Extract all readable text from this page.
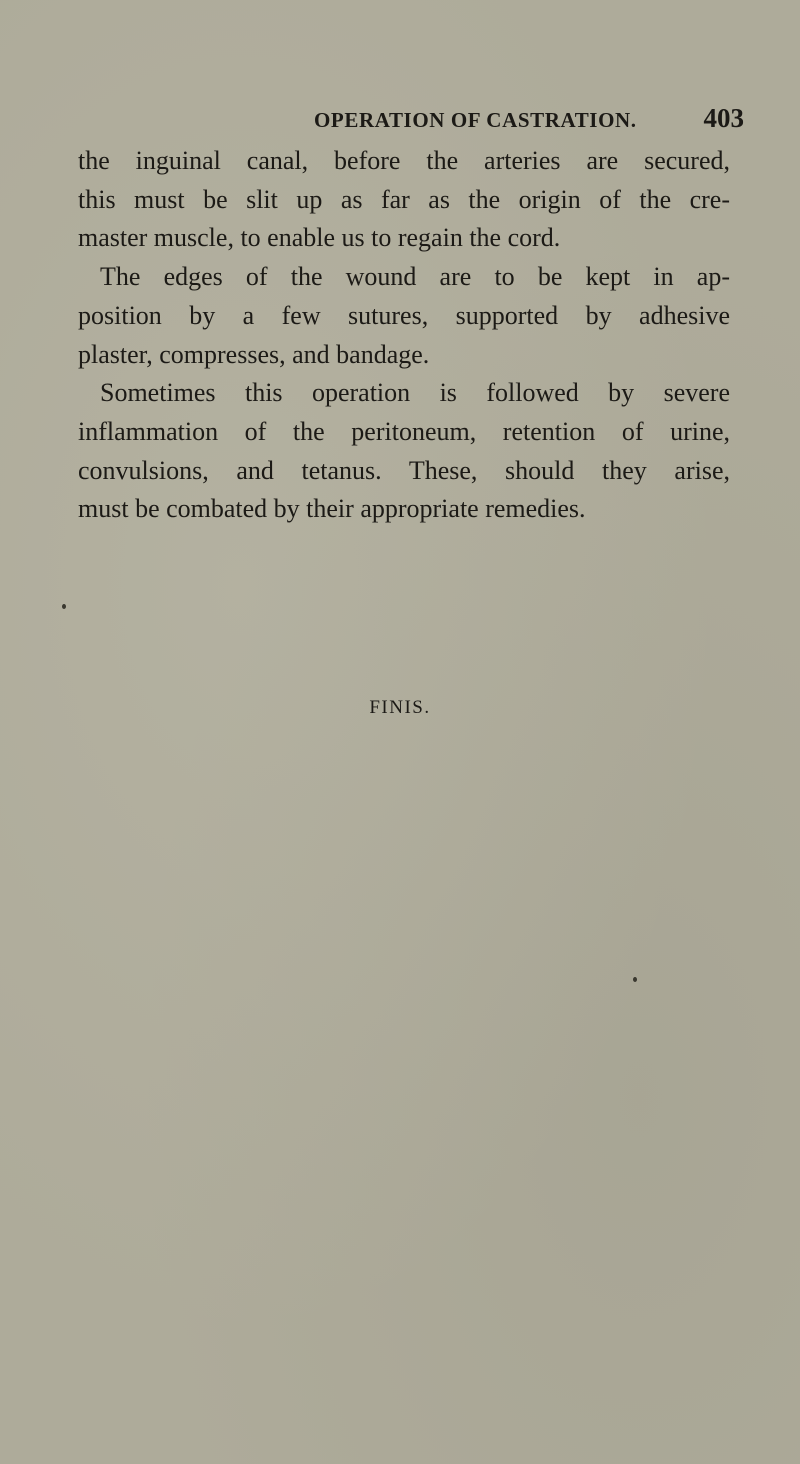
OPERATION OF CASTRATION. 403
the inguinal canal, before the arteries are secured,
this must be slit up as far as the origin of the cre-
master muscle, to enable us to regain the cord.
The edges of the wound are to be kept in ap-
position by a few sutures, supported by adhesive
plaster, compresses, and bandage.
Sometimes this operation is followed by severe
inflammation of the peritoneum, retention of urine,
convulsions, and tetanus. These, should they arise,
must be combated by their appropriate remedies.
FINIS.
